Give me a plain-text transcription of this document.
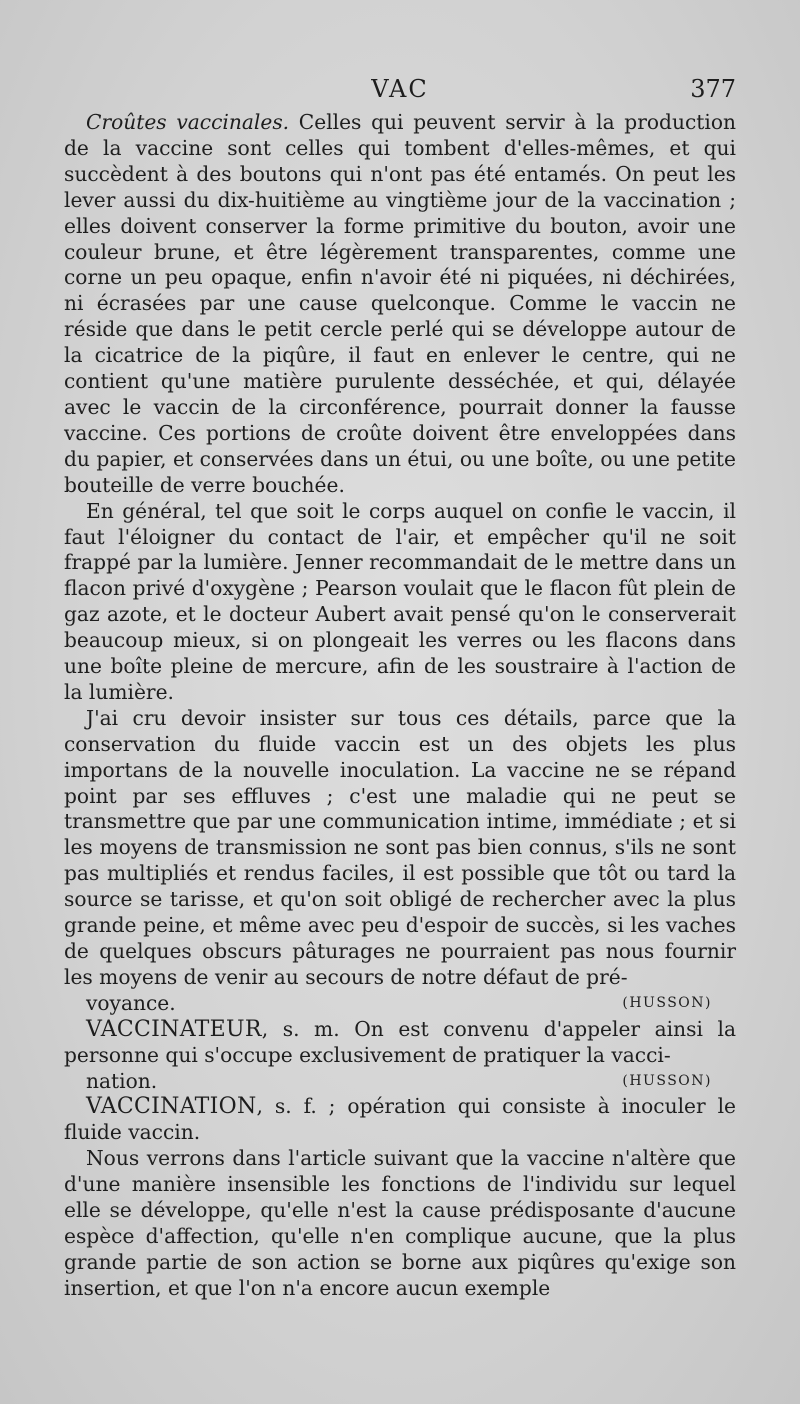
VAC	377

Croûtes vaccinales. Celles qui peuvent servir à la production de la vaccine sont celles qui tombent d'elles-mêmes, et qui succèdent à des boutons qui n'ont pas été entamés. On peut les lever aussi du dix-huitième au vingtième jour de la vaccination ; elles doivent conserver la forme primitive du bouton, avoir une couleur brune, et être légèrement transparentes, comme une corne un peu opaque, enfin n'avoir été ni piquées, ni déchirées, ni écrasées par une cause quelconque. Comme le vaccin ne réside que dans le petit cercle perlé qui se développe autour de la cicatrice de la piqûre, il faut en enlever le centre, qui ne contient qu'une matière purulente desséchée, et qui, délayée avec le vaccin de la circonférence, pourrait donner la fausse vaccine. Ces portions de croûte doivent être enveloppées dans du papier, et conservées dans un étui, ou une boîte, ou une petite bouteille de verre bouchée.

En général, tel que soit le corps auquel on confie le vaccin, il faut l'éloigner du contact de l'air, et empêcher qu'il ne soit frappé par la lumière. Jenner recommandait de le mettre dans un flacon privé d'oxygène ; Pearson voulait que le flacon fût plein de gaz azote, et le docteur Aubert avait pensé qu'on le conserverait beaucoup mieux, si on plongeait les verres ou les flacons dans une boîte pleine de mercure, afin de les soustraire à l'action de la lumière.

J'ai cru devoir insister sur tous ces détails, parce que la conservation du fluide vaccin est un des objets les plus importans de la nouvelle inoculation. La vaccine ne se répand point par ses effluves ; c'est une maladie qui ne peut se transmettre que par une communication intime, immédiate ; et si les moyens de transmission ne sont pas bien connus, s'ils ne sont pas multipliés et rendus faciles, il est possible que tôt ou tard la source se tarisse, et qu'on soit obligé de rechercher avec la plus grande peine, et même avec peu d'espoir de succès, si les vaches de quelques obscurs pâturages ne pourraient pas nous fournir les moyens de venir au secours de notre défaut de pré-

voyance.	(HUSSON)

VACCINATEUR, s. m. On est convenu d'appeler ainsi la personne qui s'occupe exclusivement de pratiquer la vacci-

nation.	(HUSSON)

VACCINATION, s. f. ; opération qui consiste à inoculer le fluide vaccin.

Nous verrons dans l'article suivant que la vaccine n'altère que d'une manière insensible les fonctions de l'individu sur lequel elle se développe, qu'elle n'est la cause prédisposante d'aucune espèce d'affection, qu'elle n'en complique aucune, que la plus grande partie de son action se borne aux piqûres qu'exige son insertion, et que l'on n'a encore aucun exemple
